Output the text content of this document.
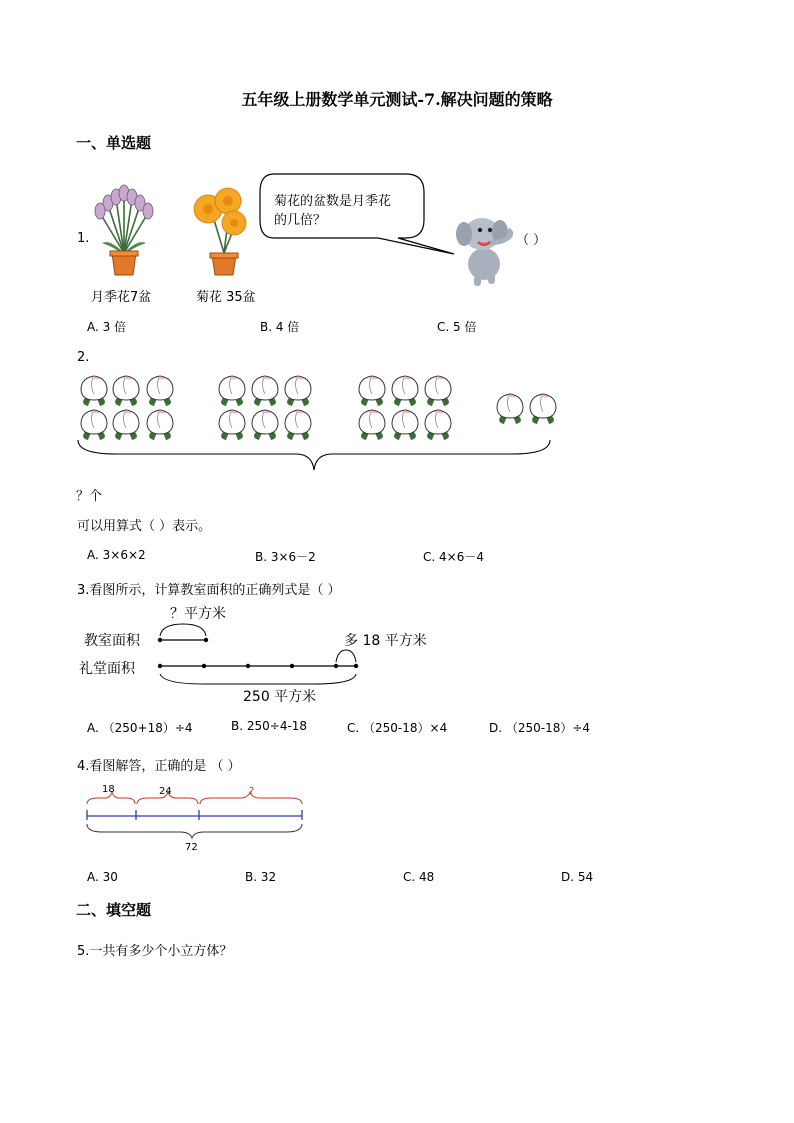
五年级上册数学单元测试-7.解决问题的策略
一、单选题
1.
月季花7盆	菊花 35盆
菊花的盆数是月季花
的几倍？
（ ）
A. 3 倍	B. 4 倍	C. 5 倍
2.
？个
可以用算式（ ）表示。
A. 3×6×2	B. 3×6－2	C. 4×6－4
3.看图所示，计算教室面积的正确列式是（ ）
？平方米
教室面积
礼堂面积
多 18 平方米
250 平方米
A. （250+18）÷4	B. 250÷4-18	C. （250-18）×4	D. （250-18）÷4
4.看图解答，正确的是 （ ）
18	24	?
72
A. 30	B. 32	C. 48	D. 54
二、填空题
5.一共有多少个小立方体？
